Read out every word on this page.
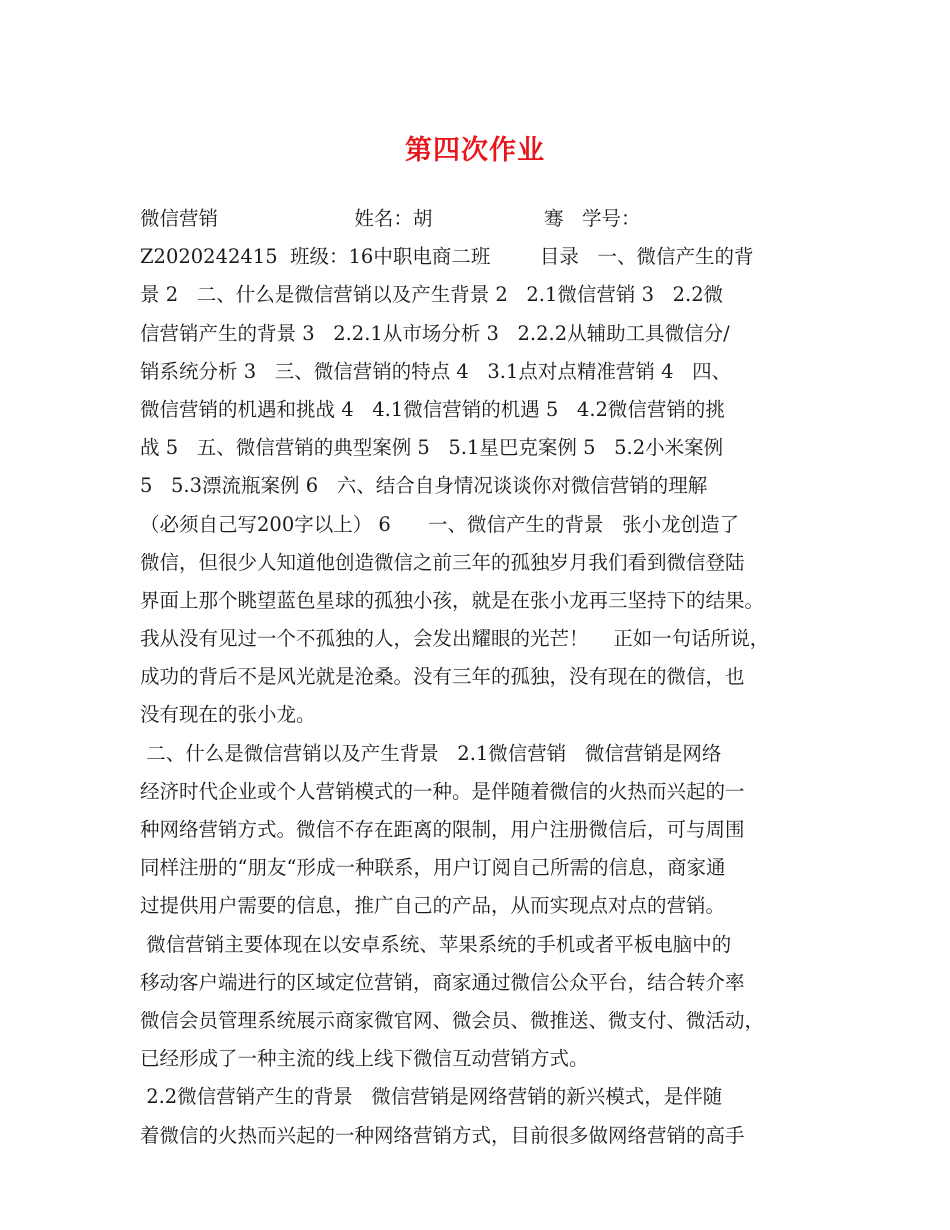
第四次作业
微信营销                      姓名：胡                  骞   学号：
Z2020242415  班级：16中职电商二班        目录   一、微信产生的背
景 2   二、什么是微信营销以及产生背景 2   2.1微信营销 3   2.2微
信营销产生的背景 3   2.2.1从市场分析 3   2.2.2从辅助工具微信分/
销系统分析 3   三、微信营销的特点 4   3.1点对点精准营销 4   四、
微信营销的机遇和挑战 4   4.1微信营销的机遇 5   4.2微信营销的挑
战 5   五、微信营销的典型案例 5   5.1星巴克案例 5   5.2小米案例
5   5.3漂流瓶案例 6   六、结合自身情况谈谈你对微信营销的理解
（必须自己写200字以上） 6      一、微信产生的背景   张小龙创造了
微信，但很少人知道他创造微信之前三年的孤独岁月我们看到微信登陆
界面上那个眺望蓝色星球的孤独小孩，就是在张小龙再三坚持下的结果。
我从没有见过一个不孤独的人，会发出耀眼的光芒！    正如一句话所说，
成功的背后不是风光就是沧桑。没有三年的孤独，没有现在的微信，也
没有现在的张小龙。
二、什么是微信营销以及产生背景   2.1微信营销   微信营销是网络
经济时代企业或个人营销模式的一种。是伴随着微信的火热而兴起的一
种网络营销方式。微信不存在距离的限制，用户注册微信后，可与周围
同样注册的“朋友“形成一种联系，用户订阅自己所需的信息，商家通
过提供用户需要的信息，推广自己的产品，从而实现点对点的营销。
微信营销主要体现在以安卓系统、苹果系统的手机或者平板电脑中的
移动客户端进行的区域定位营销，商家通过微信公众平台，结合转介率
微信会员管理系统展示商家微官网、微会员、微推送、微支付、微活动，
已经形成了一种主流的线上线下微信互动营销方式。
2.2微信营销产生的背景   微信营销是网络营销的新兴模式，是伴随
着微信的火热而兴起的一种网络营销方式，目前很多做网络营销的高手
